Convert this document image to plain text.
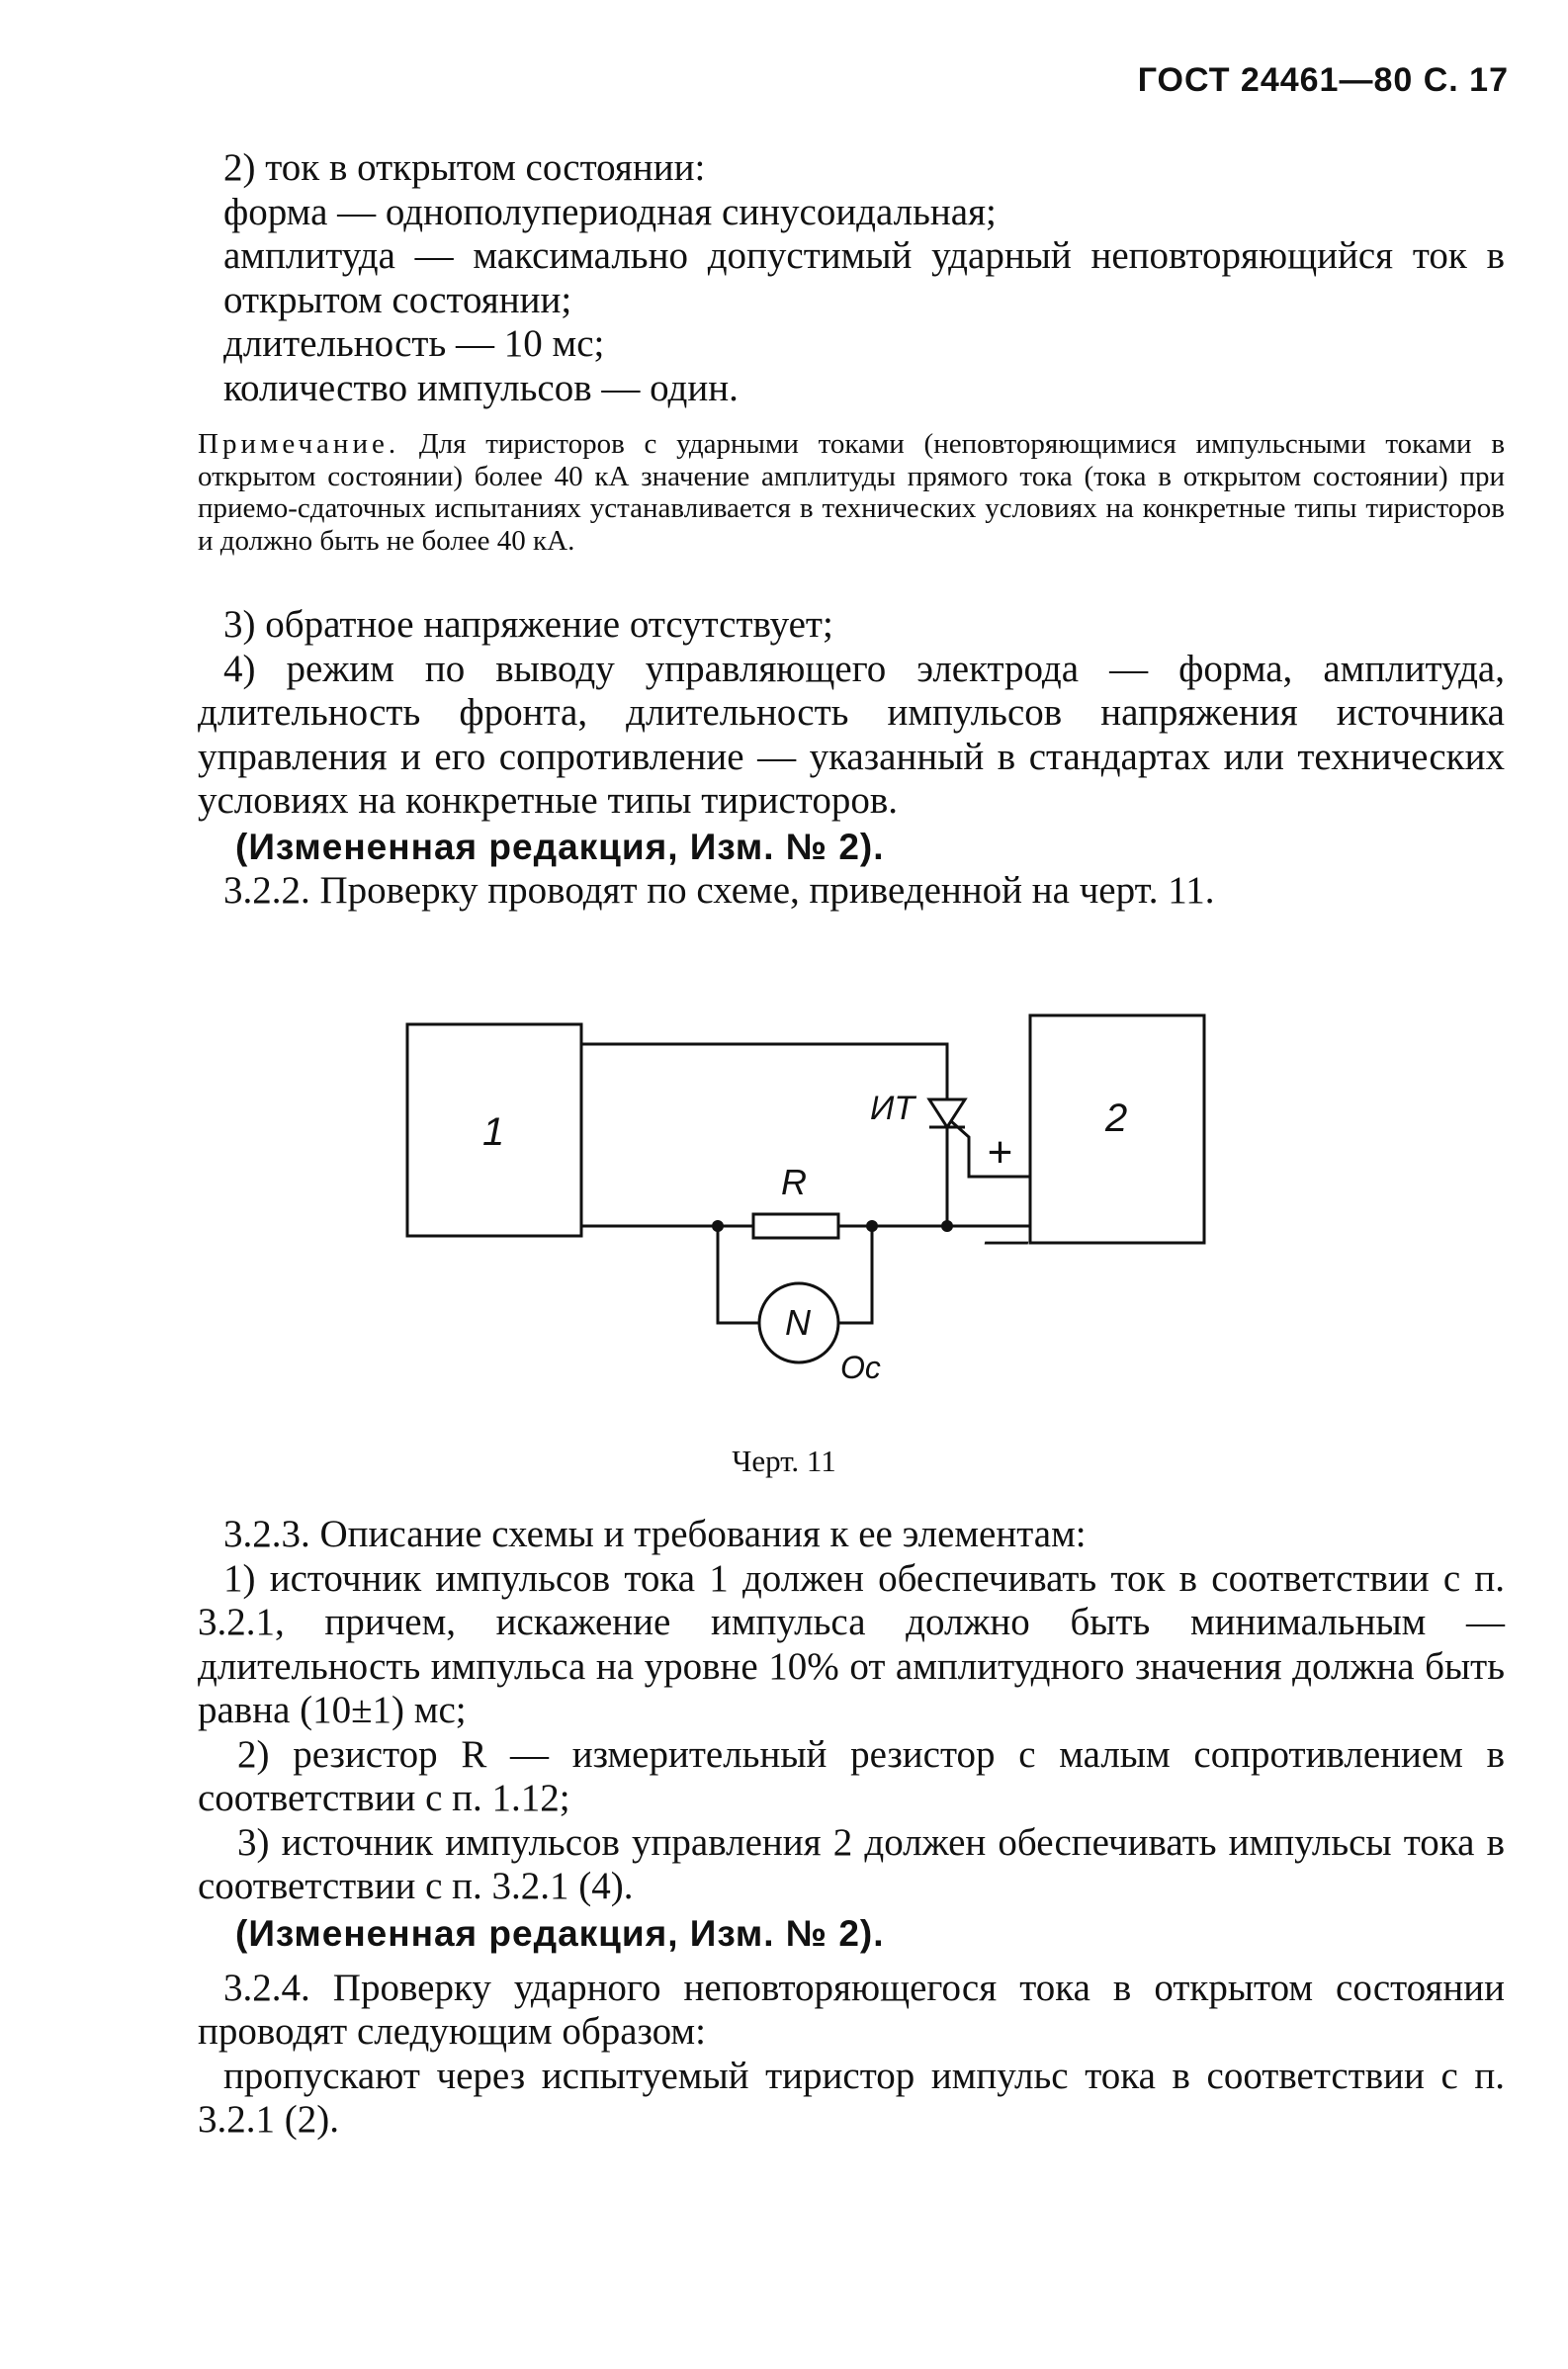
ГОСТ 24461—80 С. 17

2) ток в открытом состоянии:

форма — однополупериодная синусоидальная;

амплитуда — максимально допустимый ударный неповторяющийся ток в открытом состоянии;

длительность — 10 мс;

количество импульсов — один.

Примечание. Для тиристоров с ударными токами (неповторяющимися импульсными токами в открытом состоянии) более 40 кА значение амплитуды прямого тока (тока в открытом состоянии) при приемо-сдаточных испытаниях устанавливается в технических условиях на конкретные типы тиристоров и должно быть не более 40 кА.

3) обратное напряжение отсутствует;

4) режим по выводу управляющего электрода — форма, амплитуда, длительность фронта, длительность импульсов напряжения источника управления и его сопротивление — указанный в стандартах или технических условиях на конкретные типы тиристоров.

(Измененная редакция, Изм. № 2).

3.2.2. Проверку проводят по схеме, приведенной на черт. 11.

1	2
ИТ
R
N
Ос
+
—
Черт. 11

3.2.3. Описание схемы и требования к ее элементам:

1) источник импульсов тока 1 должен обеспечивать ток в соответствии с п. 3.2.1, причем, искажение импульса должно быть минимальным — длительность импульса на уровне 10% от амплитудного значения должна быть равна (10±1) мс;

2) резистор R — измерительный резистор с малым сопротивлением в соответствии с п. 1.12;

3) источник импульсов управления 2 должен обеспечивать импульсы тока в соответствии с п. 3.2.1 (4).

(Измененная редакция, Изм. № 2).

3.2.4. Проверку ударного неповторяющегося тока в открытом состоянии проводят следующим образом:

пропускают через испытуемый тиристор импульс тока в соответствии с п. 3.2.1 (2).
